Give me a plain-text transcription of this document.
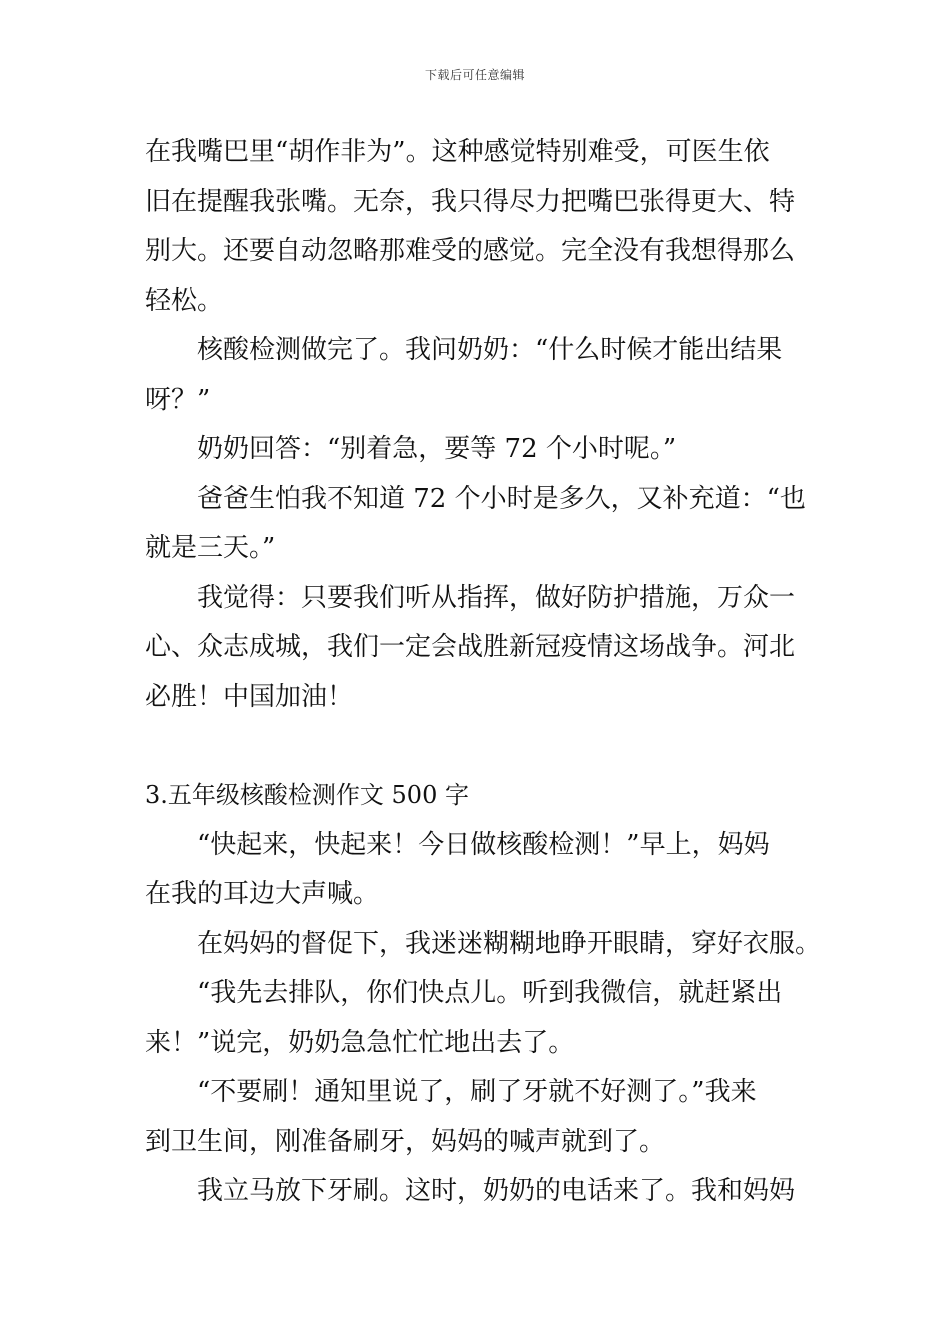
下载后可任意编辑
在我嘴巴里“胡作非为”。这种感觉特别难受，可医生依
旧在提醒我张嘴。无奈，我只得尽力把嘴巴张得更大、特
别大。还要自动忽略那难受的感觉。完全没有我想得那么
轻松。
核酸检测做完了。我问奶奶：“什么时候才能出结果
呀？”
奶奶回答：“别着急，要等 72 个小时呢。”
爸爸生怕我不知道 72 个小时是多久，又补充道：“也
就是三天。”
我觉得：只要我们听从指挥，做好防护措施，万众一
心、众志成城，我们一定会战胜新冠疫情这场战争。河北
必胜！中国加油！
3.五年级核酸检测作文 500 字
“快起来，快起来！今日做核酸检测！”早上，妈妈
在我的耳边大声喊。
在妈妈的督促下，我迷迷糊糊地睁开眼睛，穿好衣服。
“我先去排队，你们快点儿。听到我微信，就赶紧出
来！”说完，奶奶急急忙忙地出去了。
“不要刷！通知里说了，刷了牙就不好测了。”我来
到卫生间，刚准备刷牙，妈妈的喊声就到了。
我立马放下牙刷。这时，奶奶的电话来了。我和妈妈
